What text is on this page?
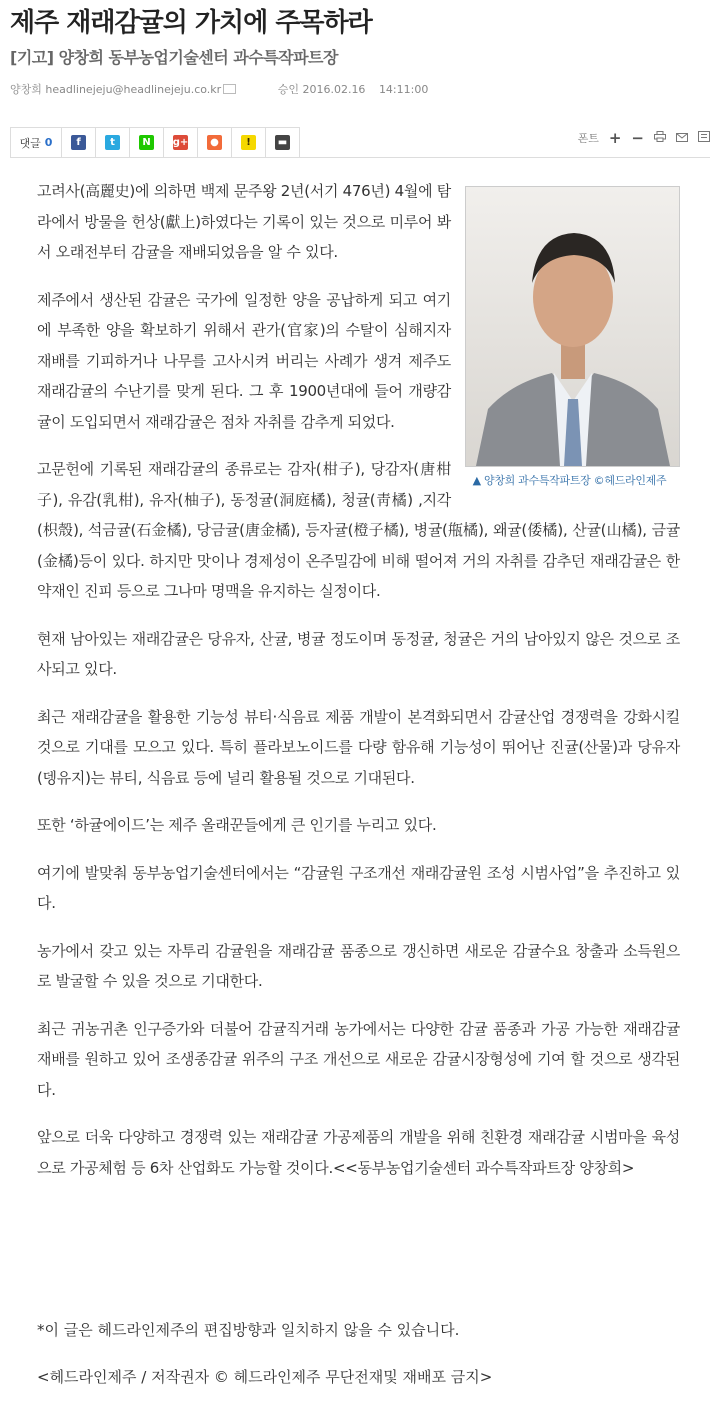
제주 재래감귤의 가치에 주목하라
[기고] 양창희 동부농업기술센터 과수특작파트장
양창희 headlinejeju@headlinejeju.co.kr	승인 2016.02.16 14:11:00
댓글 0	f	t	N	g+	●	!	▬	폰트 + −
▲ 양창희 과수특작파트장 ©헤드라인제주

고려사(高麗史)에 의하면 백제 문주왕 2년(서기 476년) 4월에 탐라에서 방물을 헌상(獻上)하였다는 기록이 있는 것으로 미루어 봐서 오래전부터 감귤을 재배되었음을 알 수 있다.

제주에서 생산된 감귤은 국가에 일정한 양을 공납하게 되고 여기에 부족한 양을 확보하기 위해서 관가(官家)의 수탈이 심해지자 재배를 기피하거나 나무를 고사시켜 버리는 사례가 생겨 제주도 재래감귤의 수난기를 맞게 된다. 그 후 1900년대에 들어 개량감귤이 도입되면서 재래감귤은 점차 자취를 감추게 되었다.

고문헌에 기록된 재래감귤의 종류로는 감자(柑子), 당감자(唐柑子), 유감(乳柑), 유자(柚子), 동정귤(洞庭橘), 청귤(靑橘) ,지각(枳殼), 석금귤(石金橘), 당금귤(唐金橘), 등자귤(橙子橘), 병귤(甁橘), 왜귤(倭橘), 산귤(山橘), 금귤(金橘)등이 있다. 하지만 맛이나 경제성이 온주밀감에 비해 떨어져 거의 자취를 감추던 재래감귤은 한약재인 진피 등으로 그나마 명맥을 유지하는 실정이다.

현재 남아있는 재래감귤은 당유자, 산귤, 병귤 정도이며 동정귤, 청귤은 거의 남아있지 않은 것으로 조사되고 있다.

최근 재래감귤을 활용한 기능성 뷰티·식음료 제품 개발이 본격화되면서 감귤산업 경쟁력을 강화시킬 것으로 기대를 모으고 있다. 특히 플라보노이드를 다량 함유해 기능성이 뛰어난 진귤(산물)과 당유자(뎅유지)는 뷰티, 식음료 등에 널리 활용될 것으로 기대된다.

또한 ‘하귤에이드’는 제주 올래꾼들에게 큰 인기를 누리고 있다.

여기에 발맞춰 동부농업기술센터에서는 “감귤원 구조개선 재래감귤원 조성 시범사업”을 추진하고 있다.

농가에서 갖고 있는 자투리 감귤원을 재래감귤 품종으로 갱신하면 새로운 감귤수요 창출과 소득원으로 발굴할 수 있을 것으로 기대한다.

최근 귀농귀촌 인구증가와 더불어 감귤직거래 농가에서는 다양한 감귤 품종과 가공 가능한 재래감귤재배를 원하고 있어 조생종감귤 위주의 구조 개선으로 새로운 감귤시장형성에 기여 할 것으로 생각된다.

앞으로 더욱 다양하고 경쟁력 있는 재래감귤 가공제품의 개발을 위해 친환경 재래감귤 시범마을 육성으로 가공체험 등 6차 산업화도 가능할 것이다.<<동부농업기술센터 과수특작파트장 양창희>

*이 글은 헤드라인제주의 편집방향과 일치하지 않을 수 있습니다.
<헤드라인제주 / 저작권자 © 헤드라인제주 무단전재및 재배포 금지>
